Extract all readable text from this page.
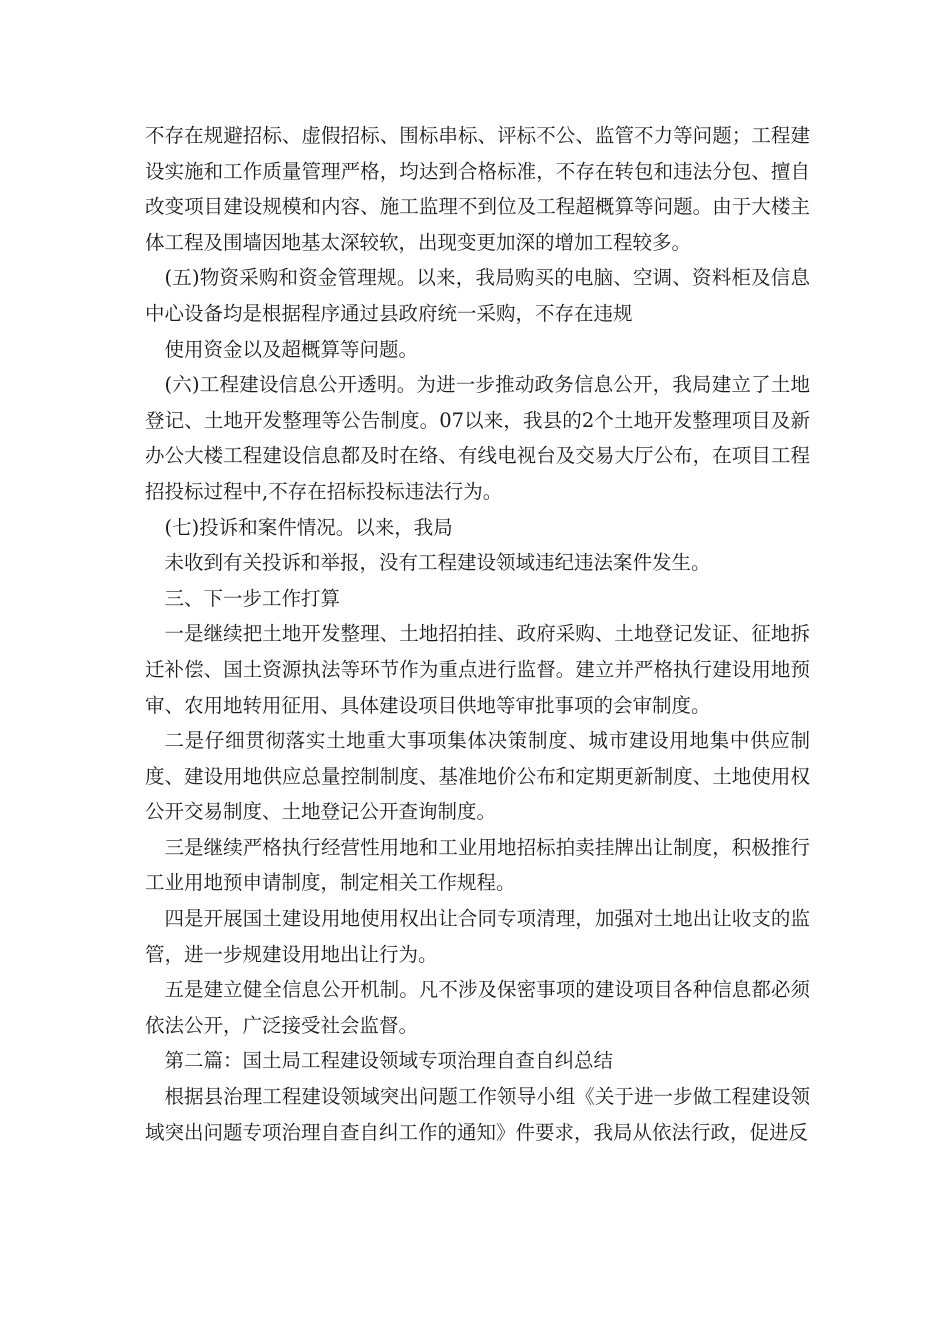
不存在规避招标、虚假招标、围标串标、评标不公、监管不力等问题；工程建设实施和工作质量管理严格，均达到合格标准，不存在转包和违法分包、擅自改变项目建设规模和内容、施工监理不到位及工程超概算等问题。由于大楼主体工程及围墙因地基太深较软，出现变更加深的增加工程较多。

(五)物资采购和资金管理规。以来，我局购买的电脑、空调、资料柜及信息中心设备均是根据程序通过县政府统一采购，不存在违规

使用资金以及超概算等问题。

(六)工程建设信息公开透明。为进一步推动政务信息公开，我局建立了土地登记、土地开发整理等公告制度。07以来，我县的2个土地开发整理项目及新办公大楼工程建设信息都及时在络、有线电视台及交易大厅公布，在项目工程招投标过程中,不存在招标投标违法行为。

(七)投诉和案件情况。以来，我局

未收到有关投诉和举报，没有工程建设领域违纪违法案件发生。

三、下一步工作打算

一是继续把土地开发整理、土地招拍挂、政府采购、土地登记发证、征地拆迁补偿、国土资源执法等环节作为重点进行监督。建立并严格执行建设用地预审、农用地转用征用、具体建设项目供地等审批事项的会审制度。

二是仔细贯彻落实土地重大事项集体决策制度、城市建设用地集中供应制度、建设用地供应总量控制制度、基准地价公布和定期更新制度、土地使用权公开交易制度、土地登记公开查询制度。

三是继续严格执行经营性用地和工业用地招标拍卖挂牌出让制度，积极推行工业用地预申请制度，制定相关工作规程。

四是开展国土建设用地使用权出让合同专项清理，加强对土地出让收支的监管，进一步规建设用地出让行为。

五是建立健全信息公开机制。凡不涉及保密事项的建设项目各种信息都必须依法公开，广泛接受社会监督。

第二篇：国土局工程建设领域专项治理自查自纠总结

根据县治理工程建设领域突出问题工作领导小组《关于进一步做工程建设领域突出问题专项治理自查自纠工作的通知》件要求，我局从依法行政，促进反
